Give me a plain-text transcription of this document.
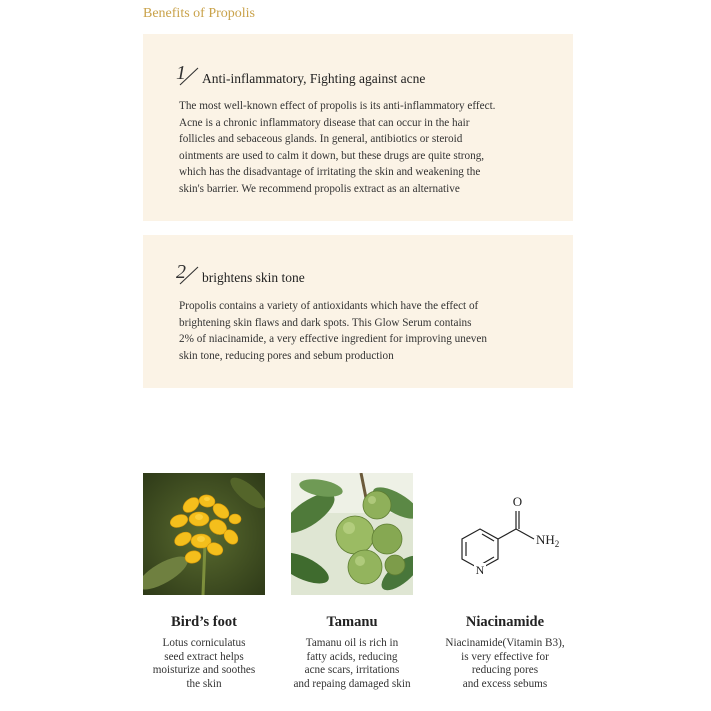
Benefits of Propolis
1 Anti-inflammatory, Fighting against acne
The most well-known effect of propolis is its anti-inflammatory effect.
Acne is a chronic inflammatory disease that can occur in the hair
follicles and sebaceous glands. In general, antibiotics or steroid
ointments are used to calm it down, but these drugs are quite strong,
which has the disadvantage of irritating the skin and weakening the
skin's barrier. We recommend propolis extract as an alternative
2 brightens skin tone
Propolis contains a variety of antioxidants which have the effect of
brightening skin flaws and dark spots. This Glow Serum contains
2% of niacinamide, a very effective ingredient for improving uneven
skin tone, reducing pores and sebum production
Bird’s foot
Lotus corniculatus
seed extract helps
moisturize and soothes
the skin
Tamanu
Tamanu oil is rich in
fatty acids, reducing
acne scars, irritations
and repaing damaged skin
O
$NH_2$
N
Niacinamide
Niacinamide(Vitamin B3),
is very effective for
reducing pores
and excess sebums
